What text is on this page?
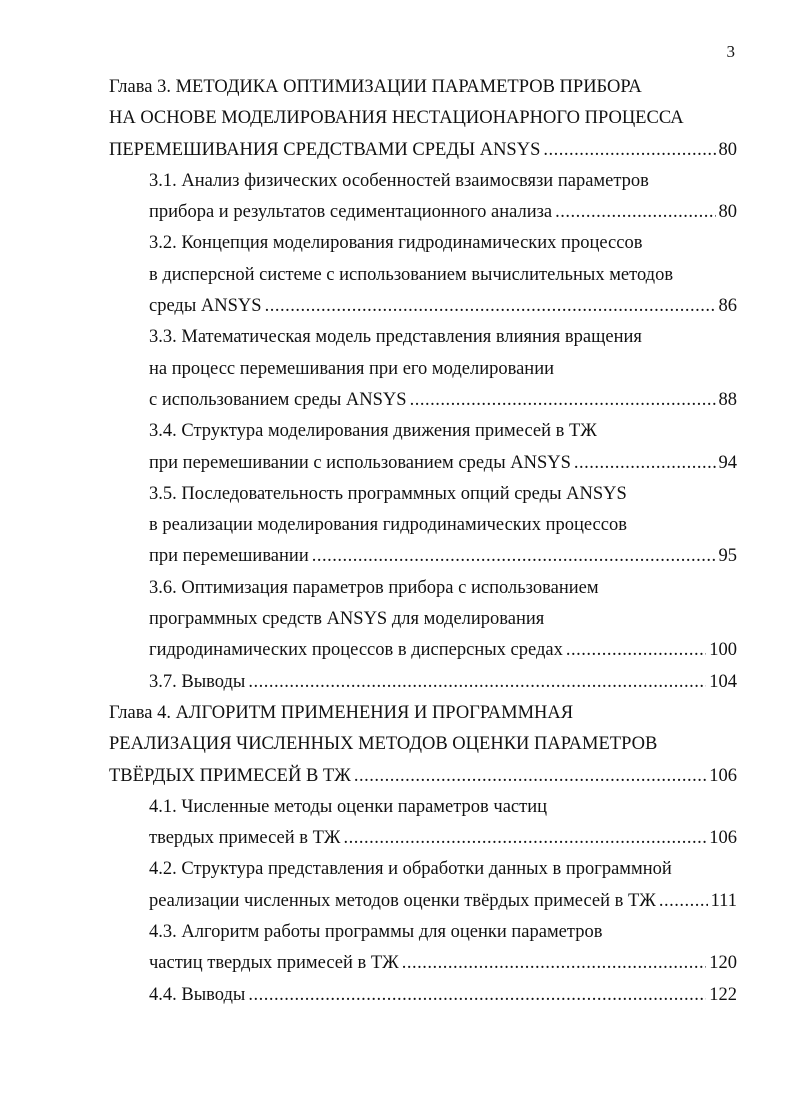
3
Глава 3. МЕТОДИКА ОПТИМИЗАЦИИ ПАРАМЕТРОВ ПРИБОРА
НА ОСНОВЕ МОДЕЛИРОВАНИЯ НЕСТАЦИОНАРНОГО ПРОЦЕССА
ПЕРЕМЕШИВАНИЯ СРЕДСТВАМИ СРЕДЫ ANSYS .....	80
3.1. Анализ физических особенностей взаимосвязи параметров
прибора и результатов седиментационного анализа .....	80
3.2. Концепция моделирования гидродинамических процессов
в дисперсной системе с использованием вычислительных методов
среды ANSYS .....	86
3.3. Математическая модель представления влияния вращения
на процесс перемешивания при его моделировании
с использованием среды ANSYS .....	88
3.4. Структура моделирования движения примесей в ТЖ
при перемешивании с использованием среды ANSYS .....	94
3.5. Последовательность программных опций среды ANSYS
в реализации моделирования гидродинамических процессов
при перемешивании .....	95
3.6. Оптимизация параметров прибора с использованием
программных средств ANSYS для моделирования
гидродинамических процессов в дисперсных средах .....	100
3.7. Выводы .....	104
Глава 4. АЛГОРИТМ ПРИМЕНЕНИЯ И ПРОГРАММНАЯ
РЕАЛИЗАЦИЯ ЧИСЛЕННЫХ МЕТОДОВ ОЦЕНКИ ПАРАМЕТРОВ
ТВЁРДЫХ ПРИМЕСЕЙ В ТЖ .....	106
4.1. Численные методы оценки параметров частиц
твердых примесей в ТЖ .....	106
4.2. Структура представления и обработки данных в программной
реализации численных методов оценки твёрдых примесей в ТЖ .....	111
4.3. Алгоритм работы программы для оценки параметров
частиц твердых примесей в ТЖ .....	120
4.4. Выводы .....	122
